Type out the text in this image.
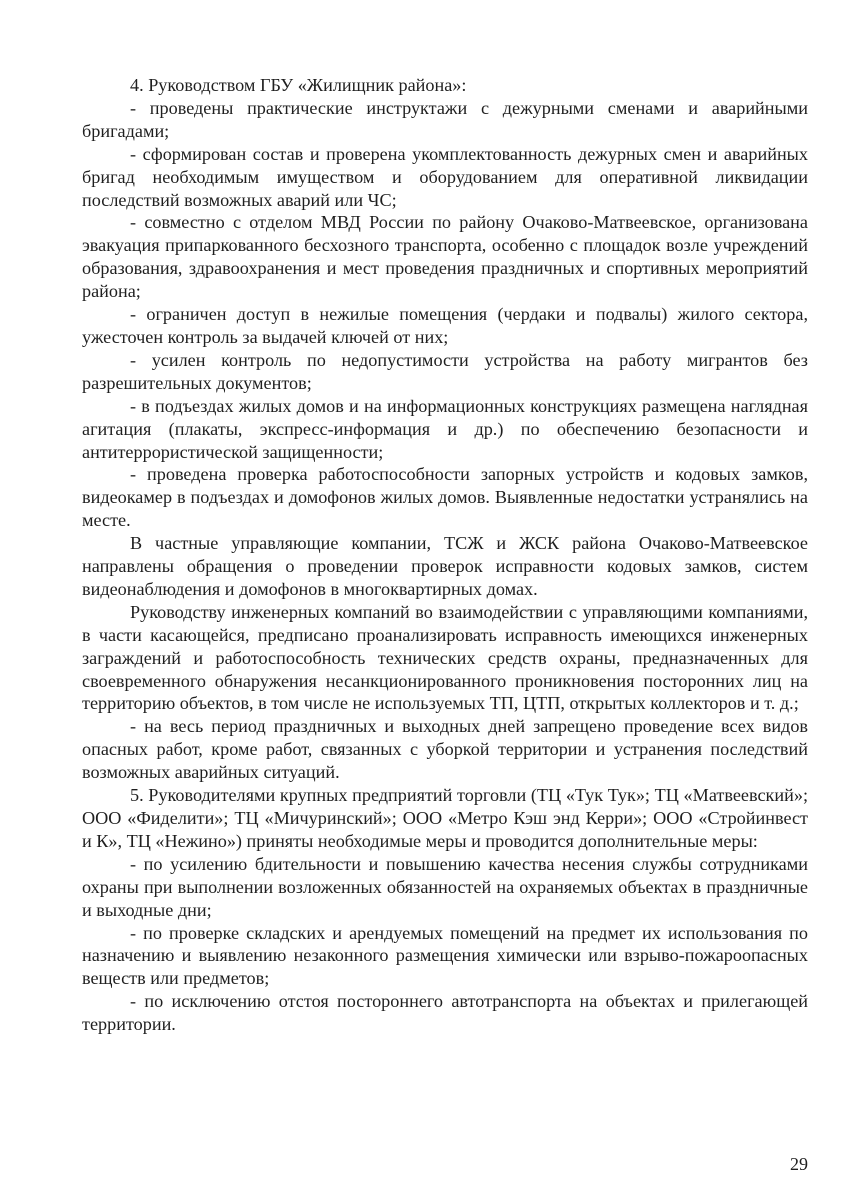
4. Руководством ГБУ «Жилищник района»:

- проведены практические инструктажи с дежурными сменами и аварийными бригадами;

- сформирован состав и проверена укомплектованность дежурных смен и аварийных бригад необходимым имуществом и оборудованием для оперативной ликвидации последствий возможных аварий или ЧС;

- совместно с отделом МВД России по району Очаково-Матвеевское, организована эвакуация припаркованного бесхозного транспорта, особенно с площадок возле учреждений образования, здравоохранения и мест проведения праздничных и спортивных мероприятий района;

- ограничен доступ в нежилые помещения (чердаки и подвалы) жилого сектора, ужесточен контроль за выдачей ключей от них;

- усилен контроль по недопустимости устройства на работу мигрантов без разрешительных документов;

- в подъездах жилых домов и на информационных конструкциях размещена наглядная агитация (плакаты, экспресс-информация и др.) по обеспечению безопасности и антитеррористической защищенности;

- проведена проверка работоспособности запорных устройств и кодовых замков, видеокамер в подъездах и домофонов жилых домов. Выявленные недостатки устранялись на месте.

В частные управляющие компании, ТСЖ и ЖСК района Очаково-Матвеевское направлены обращения о проведении проверок исправности кодовых замков, систем видеонаблюдения и домофонов в многоквартирных домах.

Руководству инженерных компаний во взаимодействии с управляющими компаниями, в части касающейся, предписано проанализировать исправность имеющихся инженерных заграждений и работоспособность технических средств охраны, предназначенных для своевременного обнаружения несанкционированного проникновения посторонних лиц на территорию объектов, в том числе не используемых ТП, ЦТП, открытых коллекторов и т. д.;

- на весь период праздничных и выходных дней запрещено проведение всех видов опасных работ, кроме работ, связанных с уборкой территории и устранения последствий возможных аварийных ситуаций.

5. Руководителями крупных предприятий торговли (ТЦ «Тук Тук»; ТЦ «Матвеевский»; ООО «Фиделити»; ТЦ «Мичуринский»; ООО «Метро Кэш энд Керри»; ООО «Стройинвест и К», ТЦ «Нежино») приняты необходимые меры и проводится дополнительные меры:

- по усилению бдительности и повышению качества несения службы сотрудниками охраны при выполнении возложенных обязанностей на охраняемых объектах в праздничные и выходные дни;

- по проверке складских и арендуемых помещений на предмет их использования по назначению и выявлению незаконного размещения химически или взрыво-пожароопасных веществ или предметов;

- по исключению отстоя постороннего автотранспорта на объектах и прилегающей территории.

29
